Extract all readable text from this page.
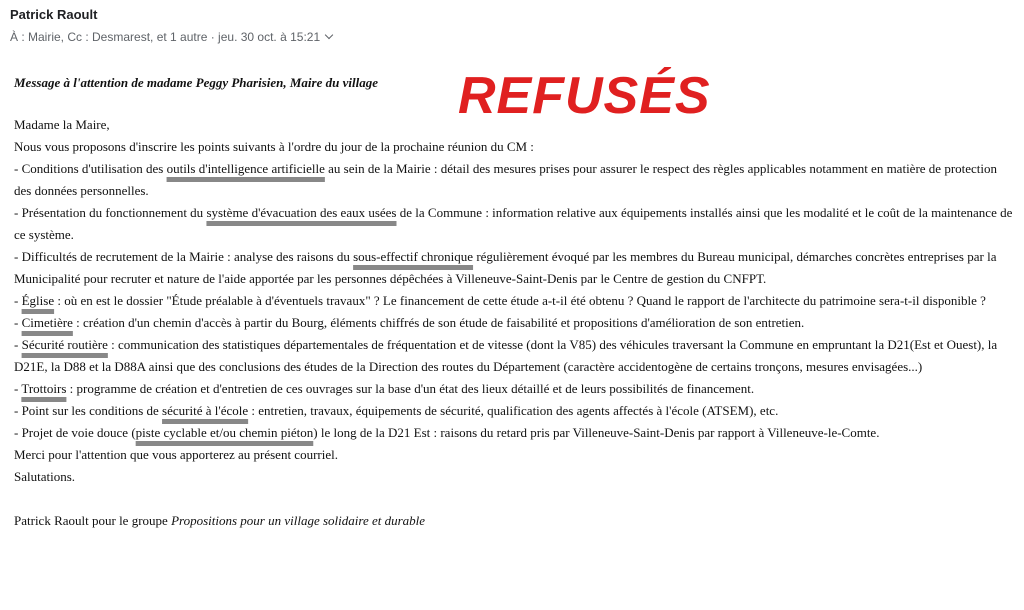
Patrick Raoult
À : Mairie, Cc : Desmarest, et 1 autre · jeu. 30 oct. à 15:21
REFUSÉS

Message à l'attention de madame Peggy Pharisien, Maire du village

Madame la Maire,

Nous vous proposons d'inscrire les points suivants à l'ordre du jour de la prochaine réunion du CM :

- Conditions d'utilisation des outils d'intelligence artificielle au sein de la Mairie : détail des mesures prises pour assurer le respect des règles applicables notamment en matière de protection des données personnelles.

- Présentation du fonctionnement du système d'évacuation des eaux usées de la Commune : information relative aux équipements installés ainsi que les modalité et le coût de la maintenance de ce système.

- Difficultés de recrutement de la Mairie : analyse des raisons du sous-effectif chronique régulièrement évoqué par les membres du Bureau municipal, démarches concrètes entreprises par la Municipalité pour recruter et nature de l'aide apportée par les personnes dépêchées à Villeneuve-Saint-Denis par le Centre de gestion du CNFPT.

- Église : où en est le dossier "Étude préalable à d'éventuels travaux" ? Le financement de cette étude a-t-il été obtenu ? Quand le rapport de l'architecte du patrimoine sera-t-il disponible ?

- Cimetière : création d'un chemin d'accès à partir du Bourg, éléments chiffrés de son étude de faisabilité et propositions d'amélioration de son entretien.

- Sécurité routière : communication des statistiques départementales de fréquentation et de vitesse (dont la V85) des véhicules traversant la Commune en empruntant la D21(Est et Ouest), la D21E, la D88 et la D88A ainsi que des conclusions des études de la Direction des routes du Département (caractère accidentogène de certains tronçons, mesures envisagées...)

- Trottoirs : programme de création et d'entretien de ces ouvrages sur la base d'un état des lieux détaillé et de leurs possibilités de financement.

- Point sur les conditions de sécurité à l'école : entretien, travaux, équipements de sécurité, qualification des agents affectés à l'école (ATSEM), etc.

- Projet de voie douce (piste cyclable et/ou chemin piéton) le long de la D21 Est : raisons du retard pris par Villeneuve-Saint-Denis par rapport à Villeneuve-le-Comte.

Merci pour l'attention que vous apporterez au présent courriel.

Salutations.

Patrick Raoult pour le groupe Propositions pour un village solidaire et durable
